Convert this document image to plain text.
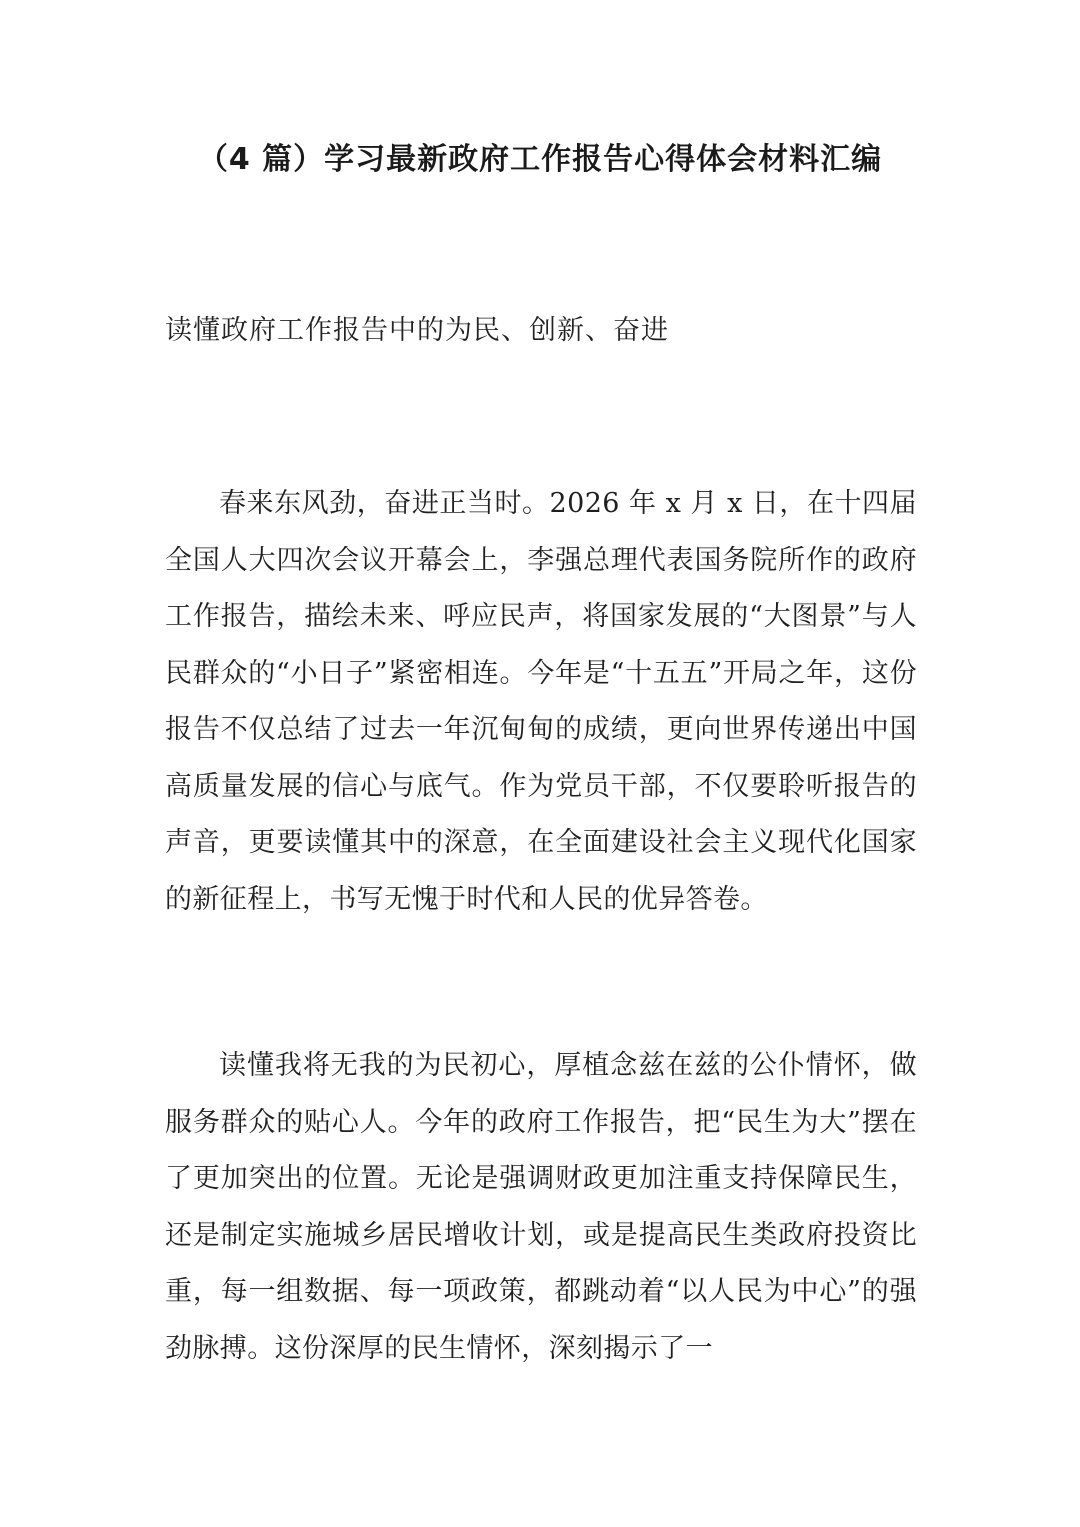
（4 篇）学习最新政府工作报告心得体会材料汇编

读懂政府工作报告中的为民、创新、奋进

春来东风劲，奋进正当时。2026 年 x 月 x 日，在十四届全国人大四次会议开幕会上，李强总理代表国务院所作的政府工作报告，描绘未来、呼应民声，将国家发展的“大图景”与人民群众的“小日子”紧密相连。今年是“十五五”开局之年，这份报告不仅总结了过去一年沉甸甸的成绩，更向世界传递出中国高质量发展的信心与底气。作为党员干部，不仅要聆听报告的声音，更要读懂其中的深意，在全面建设社会主义现代化国家的新征程上，书写无愧于时代和人民的优异答卷。

读懂我将无我的为民初心，厚植念兹在兹的公仆情怀，做服务群众的贴心人。今年的政府工作报告，把“民生为大”摆在了更加突出的位置。无论是强调财政更加注重支持保障民生，还是制定实施城乡居民增收计划，或是提高民生类政府投资比重，每一组数据、每一项政策，都跳动着“以人民为中心”的强劲脉搏。这份深厚的民生情怀，深刻揭示了一
